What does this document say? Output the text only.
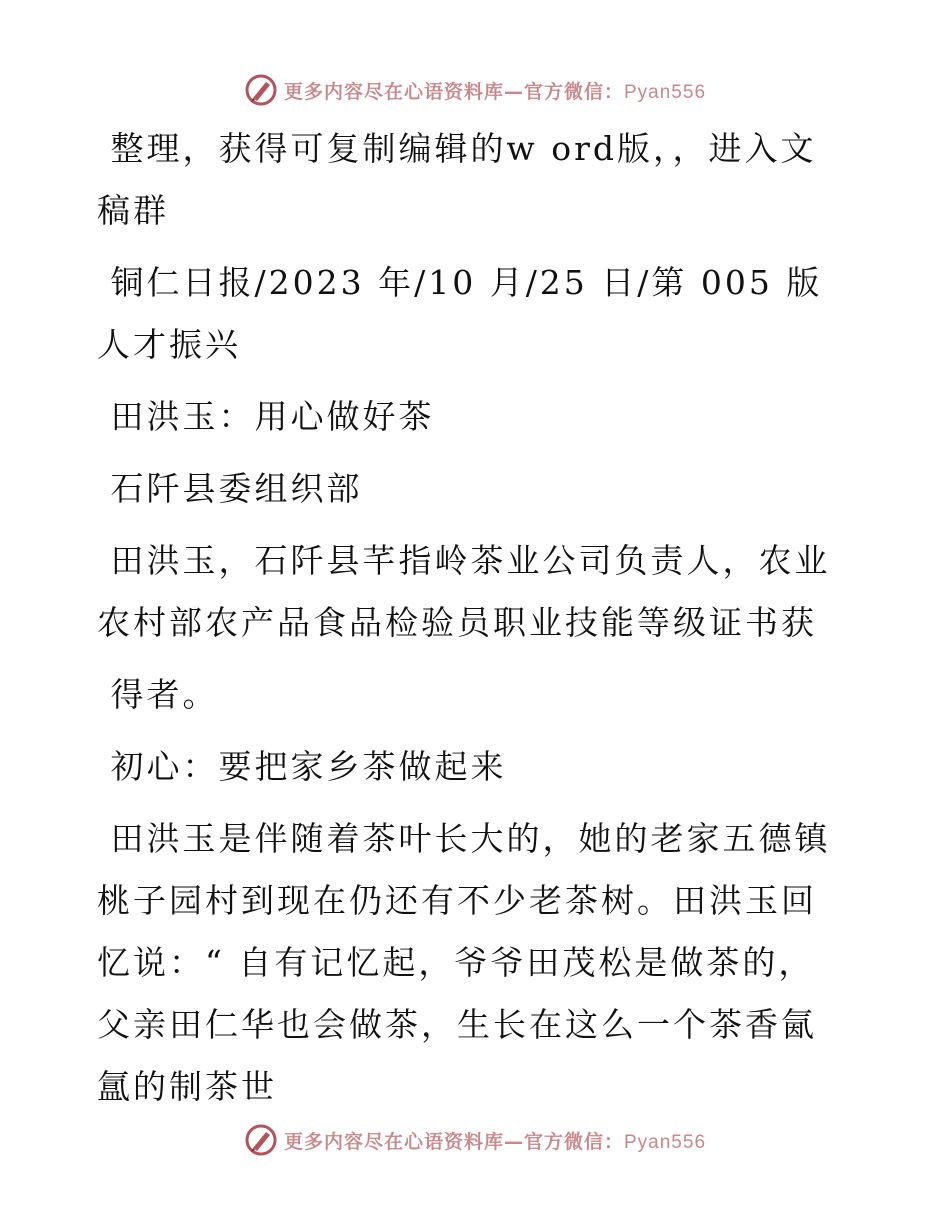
更多内容尽在心语资料库—官方微信：Pyan556

整理，获得可复制编辑的w ord版，，进入文稿群

铜仁日报/2023 年/10 月/25 日/第 005 版人才振兴

田洪玉：用心做好茶

石阡县委组织部

田洪玉，石阡县芊指岭茶业公司负责人，农业农村部农产品食品检验员职业技能等级证书获

得者。

初心：要把家乡茶做起来

田洪玉是伴随着茶叶长大的，她的老家五德镇桃子园村到现在仍还有不少老茶树。田洪玉回忆说：“ 自有记忆起，爷爷田茂松是做茶的，父亲田仁华也会做茶，生长在这么一个茶香氤氲的制茶世

更多内容尽在心语资料库—官方微信：Pyan556
